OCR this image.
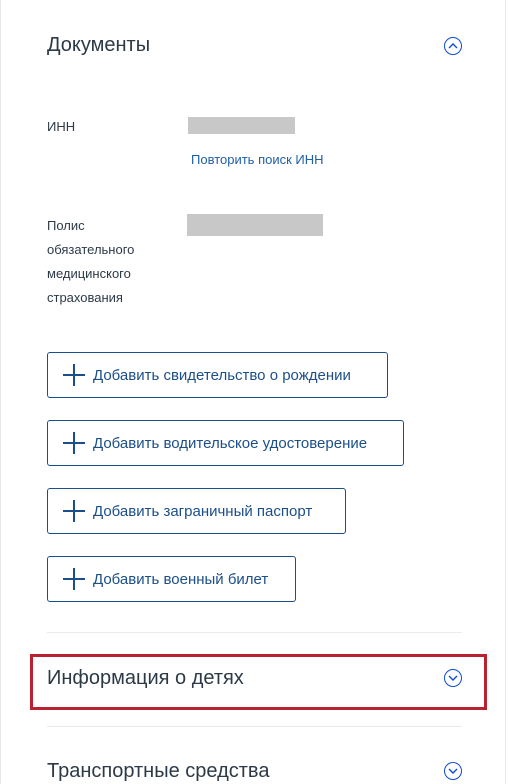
Документы
ИНН
Повторить поиск ИНН
Полис
обязательного
медицинского
страхования
Добавить свидетельство о рождении
Добавить водительское удостоверение
Добавить заграничный паспорт
Добавить военный билет
Информация о детях
Транспортные средства
